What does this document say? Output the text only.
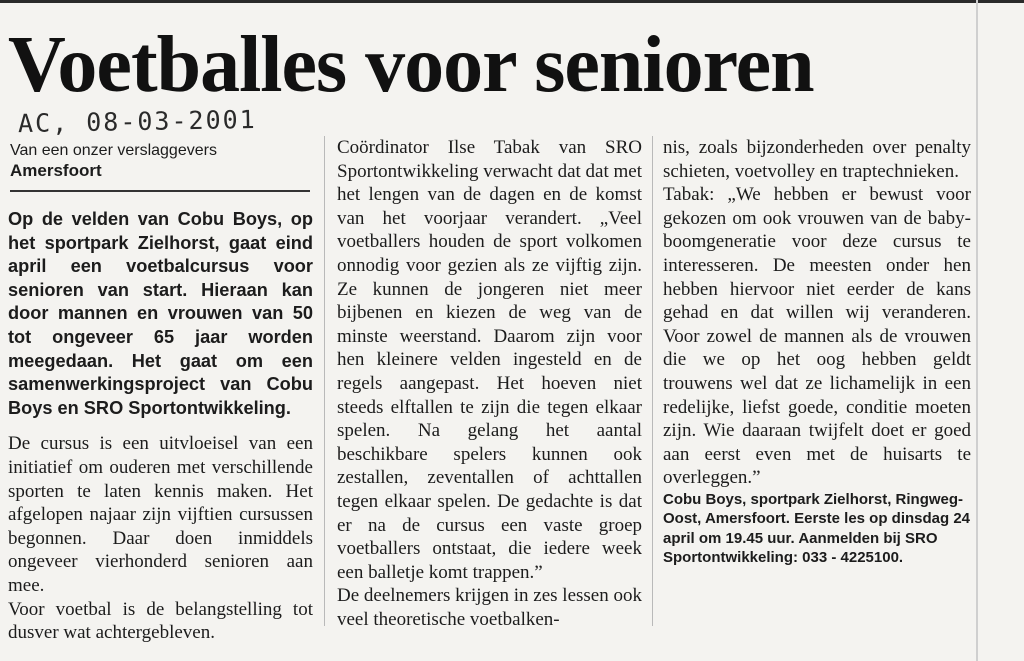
Voetballes voor senioren
AC, 08-03-2001
Van een onzer verslaggevers
Amersfoort

Op de velden van Cobu Boys, op het sportpark Zielhorst, gaat eind april een voetbalcursus voor senioren van start. Hieraan kan door mannen en vrouwen van 50 tot ongeveer 65 jaar worden meegedaan. Het gaat om een samenwerkingsproject van Cobu Boys en SRO Sportontwikkeling.

De cursus is een uitvloeisel van een initiatief om ouderen met verschillende sporten te laten kennis maken. Het afgelopen najaar zijn vijftien cursussen begonnen. Daar doen inmiddels ongeveer vierhonderd senioren aan mee.

Voor voetbal is de belangstelling tot dusver wat achtergebleven.

Coördinator Ilse Tabak van SRO Sportontwikkeling verwacht dat dat met het lengen van de dagen en de komst van het voorjaar verandert. „Veel voetballers houden de sport volkomen onnodig voor gezien als ze vijftig zijn. Ze kunnen de jongeren niet meer bijbenen en kiezen de weg van de minste weerstand. Daarom zijn voor hen kleinere velden ingesteld en de regels aangepast. Het hoeven niet steeds elftallen te zijn die tegen elkaar spelen. Na gelang het aantal beschikbare spelers kunnen ook zestallen, zeventallen of achttallen tegen elkaar spelen. De gedachte is dat er na de cursus een vaste groep voetballers ontstaat, die iedere week een balletje komt trappen.”

De deelnemers krijgen in zes lessen ook veel theoretische voetbalken-

nis, zoals bijzonderheden over penalty schieten, voetvolley en traptechnieken.

Tabak: „We hebben er bewust voor gekozen om ook vrouwen van de baby-boomgeneratie voor deze cursus te interesseren. De meesten onder hen hebben hiervoor niet eerder de kans gehad en dat willen wij veranderen. Voor zowel de mannen als de vrouwen die we op het oog hebben geldt trouwens wel dat ze lichamelijk in een redelijke, liefst goede, conditie moeten zijn. Wie daaraan twijfelt doet er goed aan eerst even met de huisarts te overleggen.”

Cobu Boys, sportpark Zielhorst, Ringweg-Oost, Amersfoort. Eerste les op dinsdag 24 april om 19.45 uur. Aanmelden bij SRO Sportontwikkeling: 033 - 4225100.
